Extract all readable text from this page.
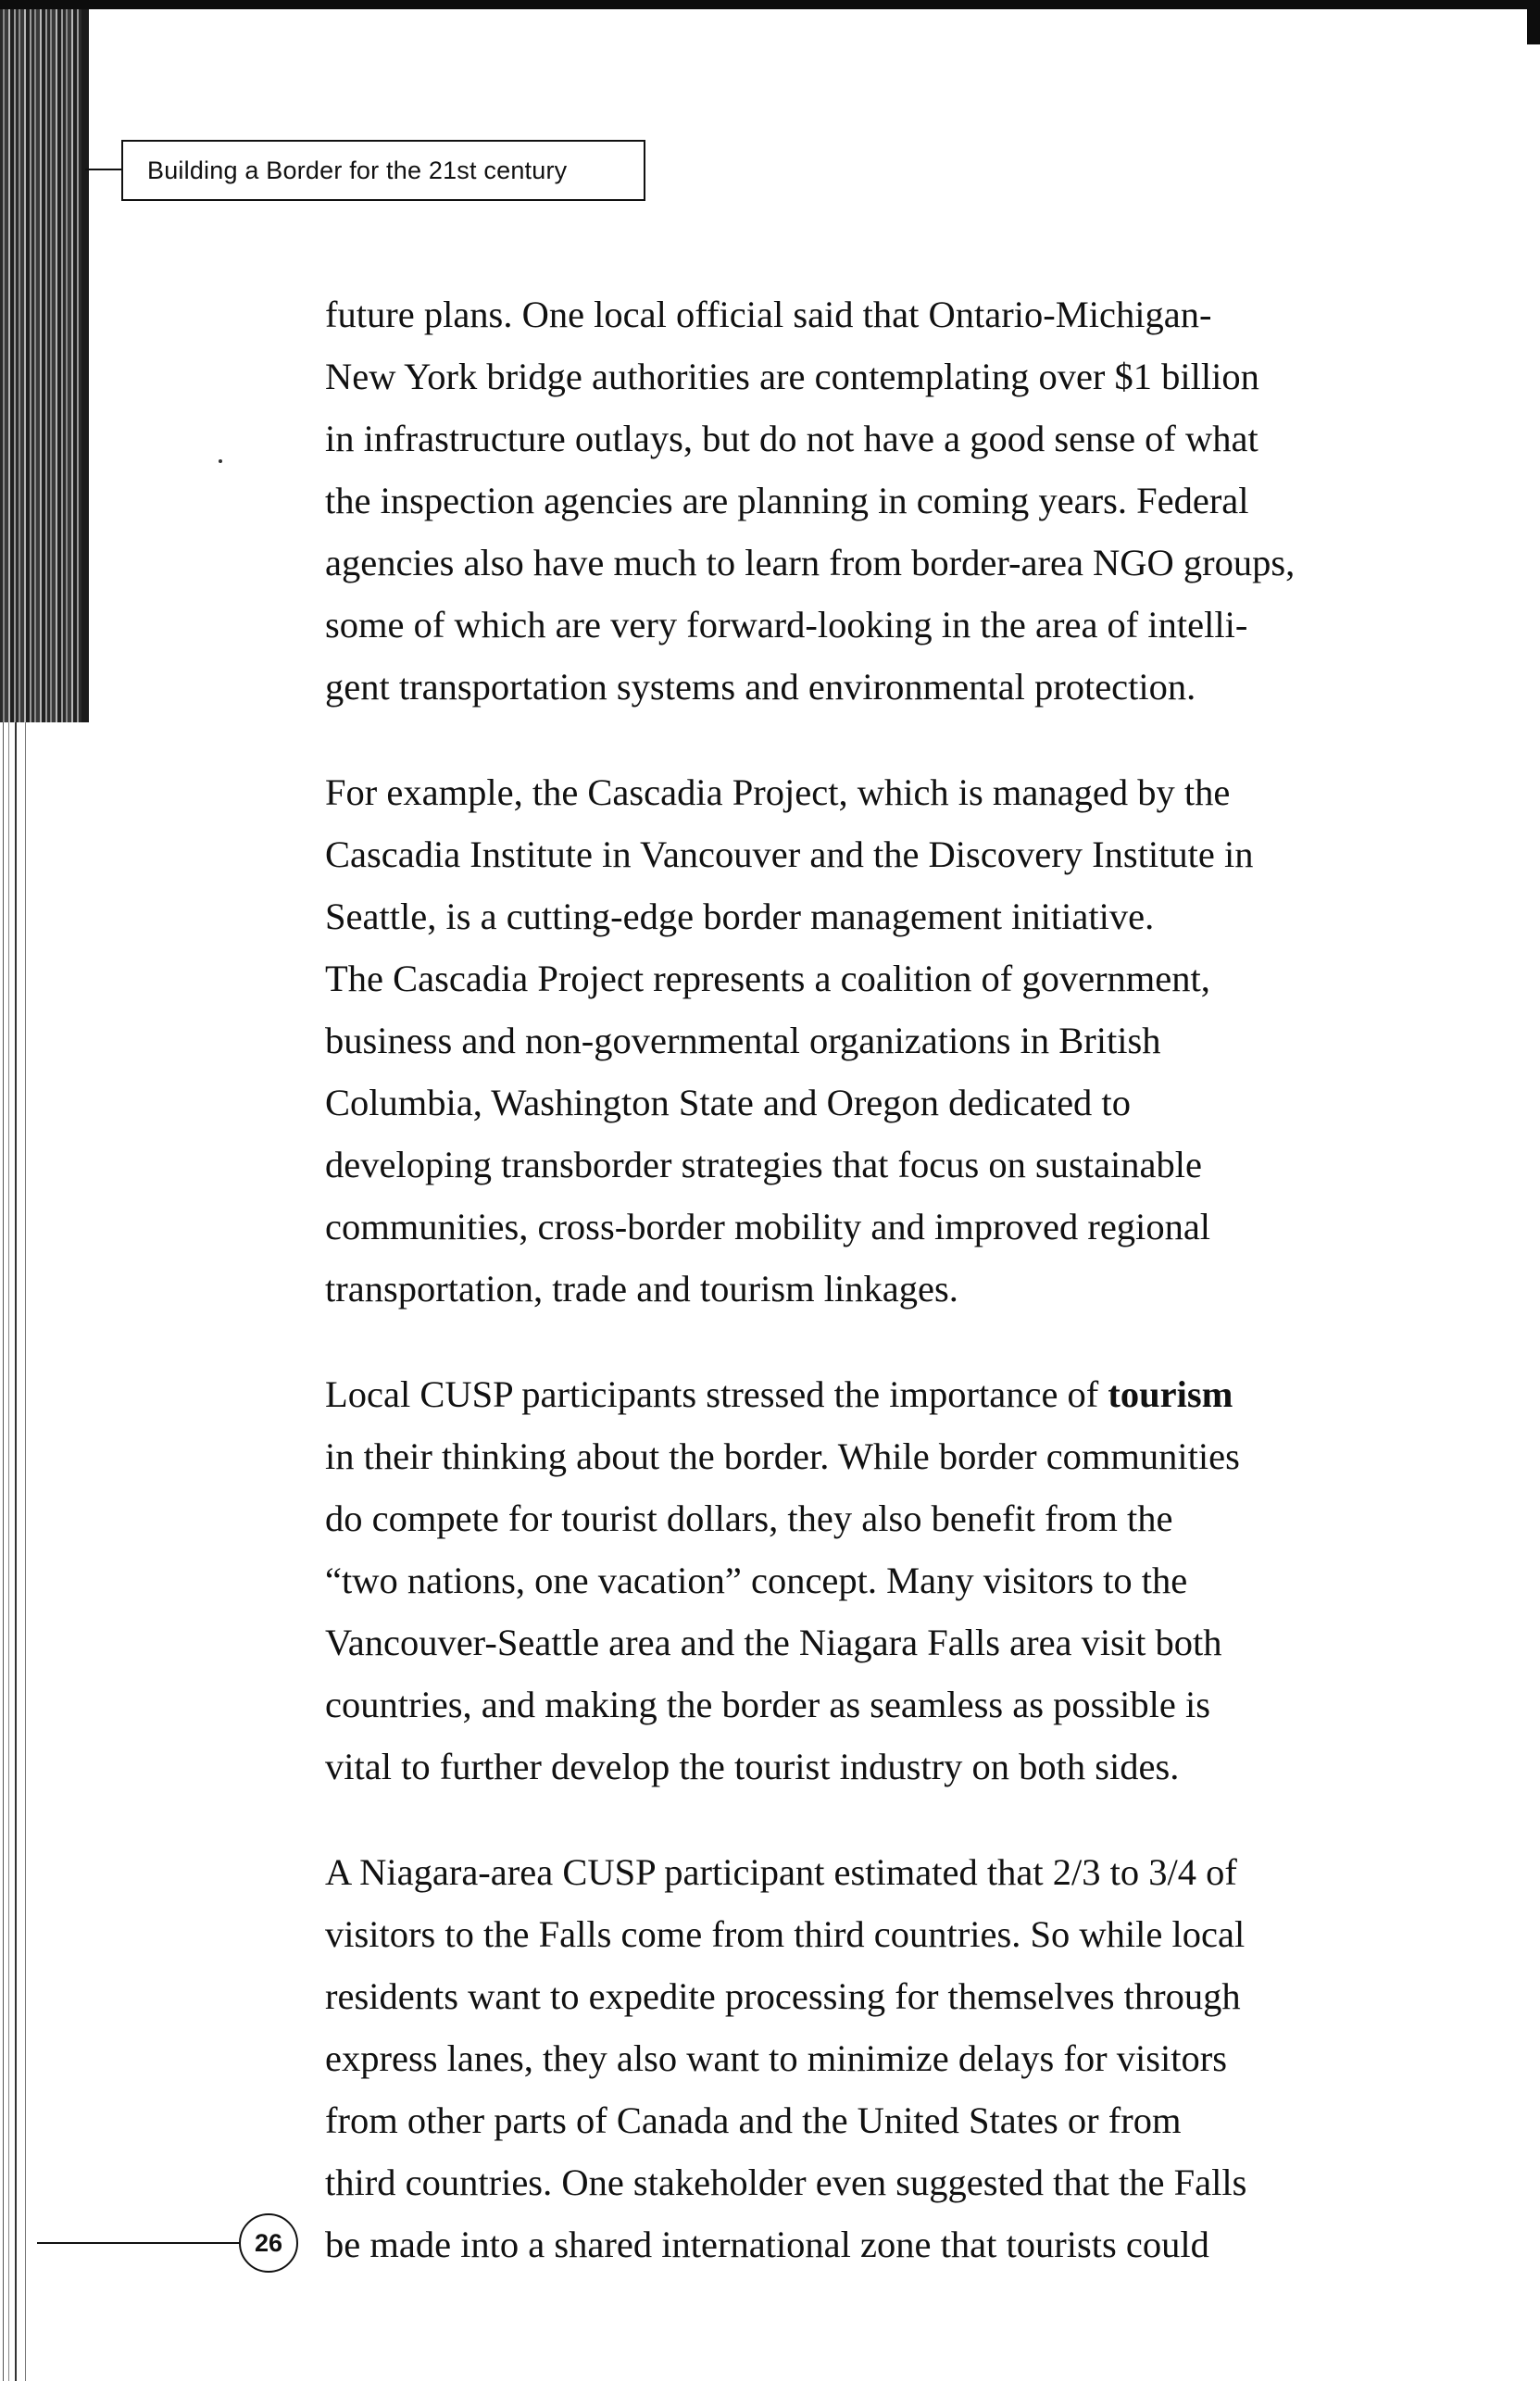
Building a Border for the 21st century

future plans. One local official said that Ontario-Michigan-
New York bridge authorities are contemplating over $1 billion
in infrastructure outlays, but do not have a good sense of what
the inspection agencies are planning in coming years. Federal
agencies also have much to learn from border-area NGO groups,
some of which are very forward-looking in the area of intelli-
gent transportation systems and environmental protection.

For example, the Cascadia Project, which is managed by the
Cascadia Institute in Vancouver and the Discovery Institute in
Seattle, is a cutting-edge border management initiative.
The Cascadia Project represents a coalition of government,
business and non-governmental organizations in British
Columbia, Washington State and Oregon dedicated to
developing transborder strategies that focus on sustainable
communities, cross-border mobility and improved regional
transportation, trade and tourism linkages.

Local CUSP participants stressed the importance of tourism
in their thinking about the border. While border communities
do compete for tourist dollars, they also benefit from the
“two nations, one vacation” concept. Many visitors to the
Vancouver-Seattle area and the Niagara Falls area visit both
countries, and making the border as seamless as possible is
vital to further develop the tourist industry on both sides.

A Niagara-area CUSP participant estimated that 2/3 to 3/4 of
visitors to the Falls come from third countries. So while local
residents want to expedite processing for themselves through
express lanes, they also want to minimize delays for visitors
from other parts of Canada and the United States or from
third countries. One stakeholder even suggested that the Falls
be made into a shared international zone that tourists could

26
